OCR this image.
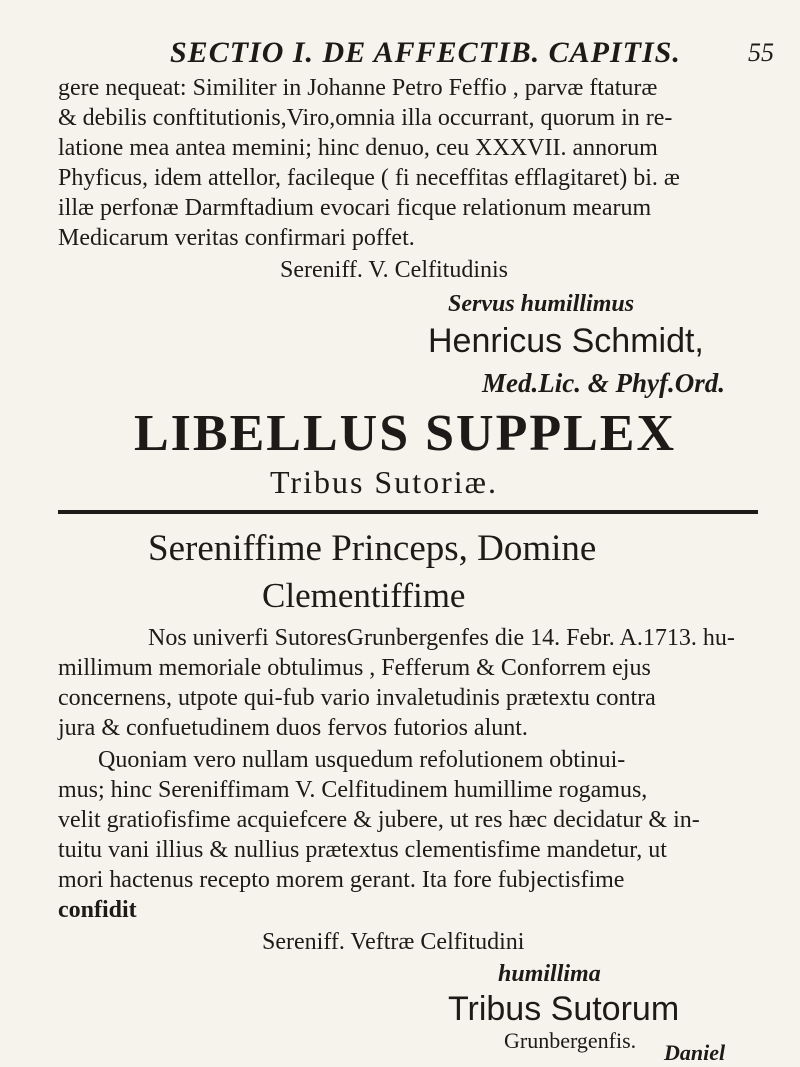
SECTIO I. DE AFFECTIB. CAPITIS.	55
gere nequeat: Similiter in Johanne Petro Feffio , parvæ ftaturæ
& debilis conftitutionis,Viro,omnia illa occurrant, quorum in re-
latione mea antea memini; hinc denuo, ceu XXXVII. annorum
Phyficus, idem attellor, facileque ( fi neceffitas efflagitaret) bi. æ
illæ perfonæ Darmftadium evocari ficque relationum mearum
Medicarum veritas confirmari poffet.
Sereniff. V. Celfitudinis
Servus humillimus
Henricus Schmidt,
Med.Lic. & Phyf.Ord.
LIBELLUS SUPPLEX
Tribus Sutoriæ.
Sereniffime Princeps, Domine
Clementiffime
Nos univerfi SutoresGrunbergenfes die 14. Febr. A.1713. hu-
millimum memoriale obtulimus , Fefferum & Conforrem ejus
concernens, utpote qui-fub vario invaletudinis prætextu contra
jura & confuetudinem duos fervos futorios alunt.
Quoniam vero nullam usquedum refolutionem obtinui-
mus; hinc Sereniffimam V. Celfitudinem humillime rogamus,
velit gratiofisfime acquiefcere & jubere, ut res hæc decidatur & in-
tuitu vani illius & nullius prætextus clementisfime mandetur, ut
mori hactenus recepto morem gerant. Ita fore fubjectisfime
confidit
Sereniff. Veftræ Celfitudini
humillima
Tribus Sutorum
Grunbergenfis. Daniel
